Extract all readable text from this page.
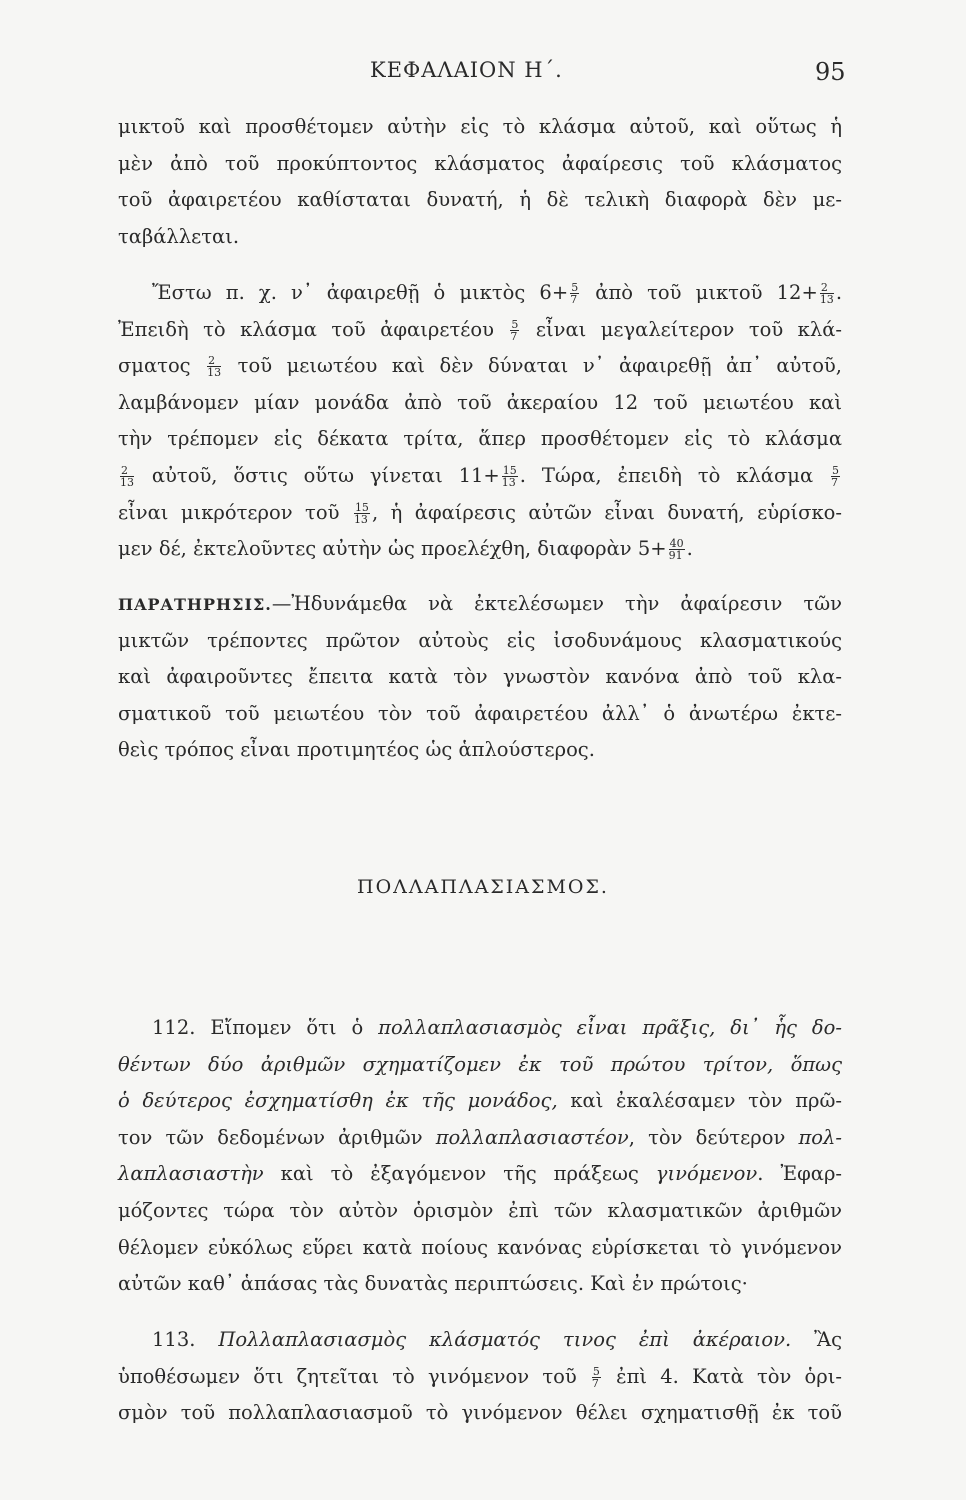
ΚΕΦΑΛΑΙΟΝ Η΄.	95
μικτοῦ καὶ προσθέτομεν αὐτὴν εἰς τὸ κλάσμα αὐτοῦ, καὶ οὕτως ἡ
μὲν ἀπὸ τοῦ προκύπτοντος κλάσματος ἀφαίρεσις τοῦ κλάσματος
τοῦ ἀφαιρετέου καθίσταται δυνατή, ἡ δὲ τελικὴ διαφορὰ δὲν με-
ταβάλλεται.
Ἔστω π. χ. ν᾽ ἀφαιρεθῇ ὁ μικτὸς $6+ \frac{5}{7}$ ἀπὸ τοῦ μικτοῦ $12+ \frac{2}{13}$ .
Ἐπειδὴ τὸ κλάσμα τοῦ ἀφαιρετέου $\frac{5}{7}$ εἶναι μεγαλείτερον τοῦ κλά-
σματος $\frac{2}{13}$ τοῦ μειωτέου καὶ δὲν δύναται ν᾽ ἀφαιρεθῇ ἀπ᾽ αὐτοῦ,
λαμβάνομεν μίαν μονάδα ἀπὸ τοῦ ἀκεραίου 12 τοῦ μειωτέου καὶ
τὴν τρέπομεν εἰς δέκατα τρίτα, ἅπερ προσθέτομεν εἰς τὸ κλάσμα
$\frac{2}{13}$ αὐτοῦ, ὅστις οὕτω γίνεται $11+ \frac{15}{13}$ . Τώρα, ἐπειδὴ τὸ κλάσμα $\frac{5}{7}$
εἶναι μικρότερον τοῦ $\frac{15}{13}$ , ἡ ἀφαίρεσις αὐτῶν εἶναι δυνατή, εὑρίσκο-
μεν δέ, ἐκτελοῦντες αὐτὴν ὡς προελέχθη, διαφορὰν $5+ \frac{40}{91}$ .
ΠΑΡΑΤΗΡΗΣΙΣ.—Ἠδυνάμεθα νὰ ἐκτελέσωμεν τὴν ἀφαίρεσιν τῶν
μικτῶν τρέποντες πρῶτον αὐτοὺς εἰς ἰσοδυνάμους κλασματικούς
καὶ ἀφαιροῦντες ἔπειτα κατὰ τὸν γνωστὸν κανόνα ἀπὸ τοῦ κλα-
σματικοῦ τοῦ μειωτέου τὸν τοῦ ἀφαιρετέου ἀλλ᾽ ὁ ἀνωτέρω ἐκτε-
θεὶς τρόπος εἶναι προτιμητέος ὡς ἁπλούστερος.
ΠΟΛΛΑΠΛΑΣΙΑΣΜΟΣ.
112. Εἴπομεν ὅτι ὁ πολλαπλασιασμὸς εἶναι πρᾶξις, δι᾽ ἧς δο-
θέντων δύο ἀριθμῶν σχηματίζομεν ἐκ τοῦ πρώτου τρίτον, ὅπως
ὁ δεύτερος ἐσχηματίσθη ἐκ τῆς μονάδος, καὶ ἐκαλέσαμεν τὸν πρῶ-
τον τῶν δεδομένων ἀριθμῶν πολλαπλασιαστέον, τὸν δεύτερον πολ-
λαπλασιαστὴν καὶ τὸ ἐξαγόμενον τῆς πράξεως γινόμενον. Ἐφαρ-
μόζοντες τώρα τὸν αὐτὸν ὁρισμὸν ἐπὶ τῶν κλασματικῶν ἀριθμῶν
θέλομεν εὐκόλως εὕρει κατὰ ποίους κανόνας εὑρίσκεται τὸ γινόμενον
αὐτῶν καθ᾽ ἁπάσας τὰς δυνατὰς περιπτώσεις. Καὶ ἐν πρώτοις·
113. Πολλαπλασιασμὸς κλάσματός τινος ἐπὶ ἀκέραιον. Ἂς
ὑποθέσωμεν ὅτι ζητεῖται τὸ γινόμενον τοῦ $\frac{5}{7}$ ἐπὶ 4. Κατὰ τὸν ὁρι-
σμὸν τοῦ πολλαπλασιασμοῦ τὸ γινόμενον θέλει σχηματισθῇ ἐκ τοῦ
